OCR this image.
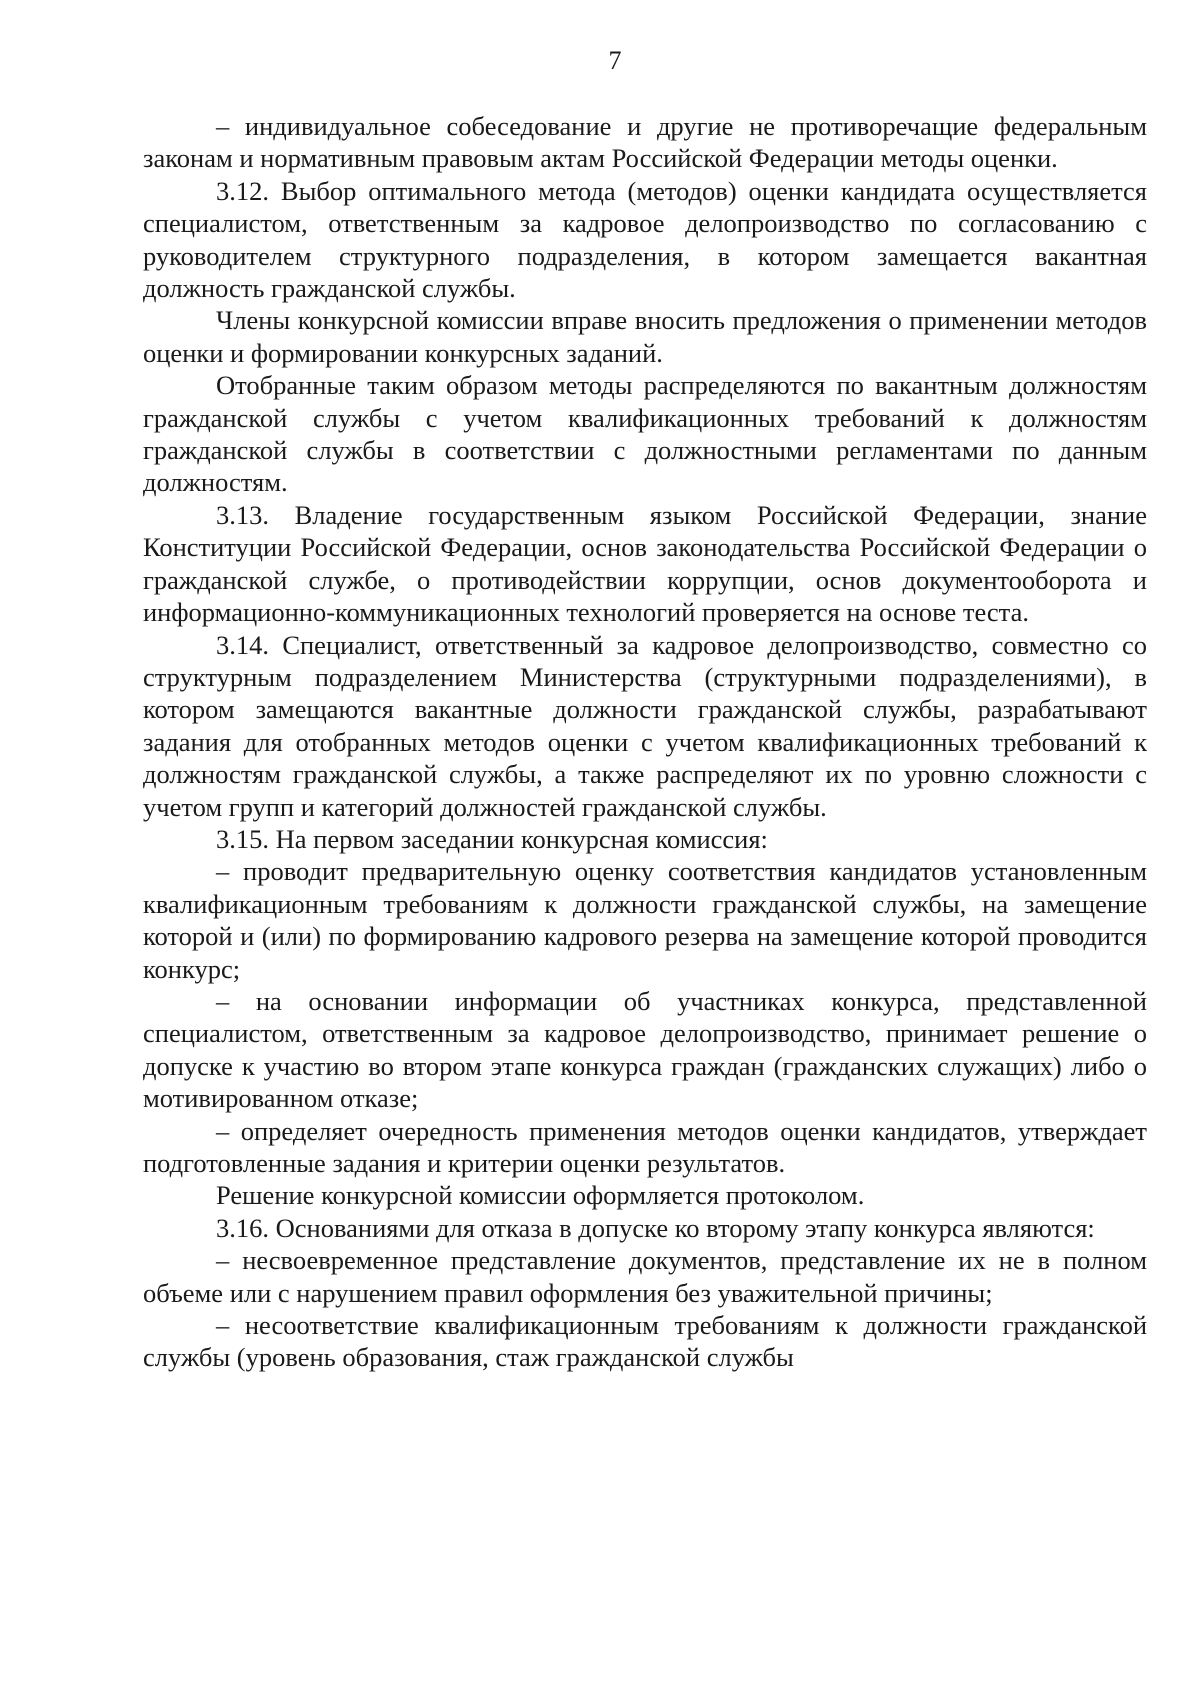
7

– индивидуальное собеседование и другие не противоречащие федеральным законам и нормативным правовым актам Российской Федерации методы оценки.

3.12. Выбор оптимального метода (методов) оценки кандидата осуществляется специалистом, ответственным за кадровое делопроизводство по согласованию с руководителем структурного подразделения, в котором замещается вакантная должность гражданской службы.

Члены конкурсной комиссии вправе вносить предложения о применении методов оценки и формировании конкурсных заданий.

Отобранные таким образом методы распределяются по вакантным должностям гражданской службы с учетом квалификационных требований к должностям гражданской службы в соответствии с должностными регламентами по данным должностям.

3.13. Владение государственным языком Российской Федерации, знание Конституции Российской Федерации, основ законодательства Российской Федерации о гражданской службе, о противодействии коррупции, основ документооборота и информационно-коммуникационных технологий проверяется на основе теста.

3.14. Специалист, ответственный за кадровое делопроизводство, совместно со структурным подразделением Министерства (структурными подразделениями), в котором замещаются вакантные должности гражданской службы, разрабатывают задания для отобранных методов оценки с учетом квалификационных требований к должностям гражданской службы, а также распределяют их по уровню сложности с учетом групп и категорий должностей гражданской службы.

3.15. На первом заседании конкурсная комиссия:

– проводит предварительную оценку соответствия кандидатов установленным квалификационным требованиям к должности гражданской службы, на замещение которой и (или) по формированию кадрового резерва на замещение которой проводится конкурс;

– на основании информации об участниках конкурса, представленной специалистом, ответственным за кадровое делопроизводство, принимает решение о допуске к участию во втором этапе конкурса граждан (гражданских служащих) либо о мотивированном отказе;

– определяет очередность применения методов оценки кандидатов, утверждает подготовленные задания и критерии оценки результатов.

Решение конкурсной комиссии оформляется протоколом.

3.16. Основаниями для отказа в допуске ко второму этапу конкурса являются:

– несвоевременное представление документов, представление их не в полном объеме или с нарушением правил оформления без уважительной причины;

– несоответствие квалификационным требованиям к должности гражданской службы (уровень образования, стаж гражданской службы
